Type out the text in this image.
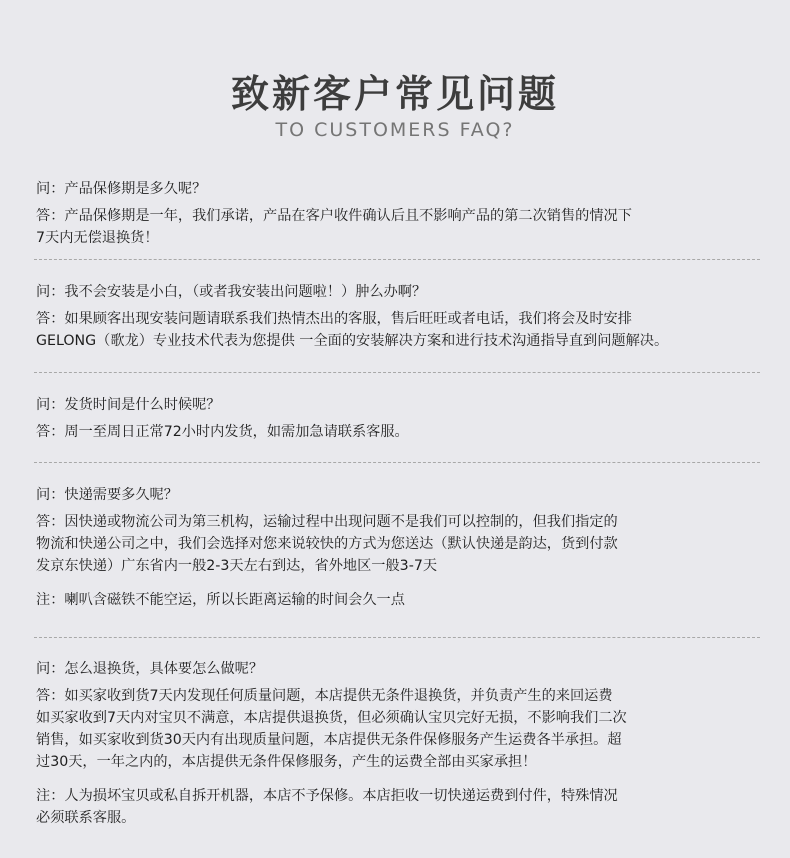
致新客户常见问题
TO CUSTOMERS FAQ?

问：产品保修期是多久呢？

答：产品保修期是一年，我们承诺，产品在客户收件确认后且不影响产品的第二次销售的情况下

7天内无偿退换货！

问：我不会安装是小白，（或者我安装出问题啦！）肿么办啊？

答：如果顾客出现安装问题请联系我们热情杰出的客服，售后旺旺或者电话，我们将会及时安排

GELONG（歌龙）专业技术代表为您提供 一全面的安装解决方案和进行技术沟通指导直到问题解决。

问：发货时间是什么时候呢？

答：周一至周日正常72小时内发货，如需加急请联系客服。

问：快递需要多久呢？

答：因快递或物流公司为第三机构，运输过程中出现问题不是我们可以控制的，但我们指定的

物流和快递公司之中，我们会选择对您来说较快的方式为您送达（默认快递是韵达，货到付款

发京东快递）广东省内一般2-3天左右到达，省外地区一般3-7天

注：喇叭含磁铁不能空运，所以长距离运输的时间会久一点

问：怎么退换货，具体要怎么做呢？

答：如买家收到货7天内发现任何质量问题，本店提供无条件退换货，并负责产生的来回运费

如买家收到7天内对宝贝不满意，本店提供退换货，但必须确认宝贝完好无损，不影响我们二次

销售，如买家收到货30天内有出现质量问题，本店提供无条件保修服务产生运费各半承担。超

过30天，一年之内的，本店提供无条件保修服务，产生的运费全部由买家承担！

注：人为损坏宝贝或私自拆开机器，本店不予保修。本店拒收一切快递运费到付件，特殊情况

必须联系客服。
